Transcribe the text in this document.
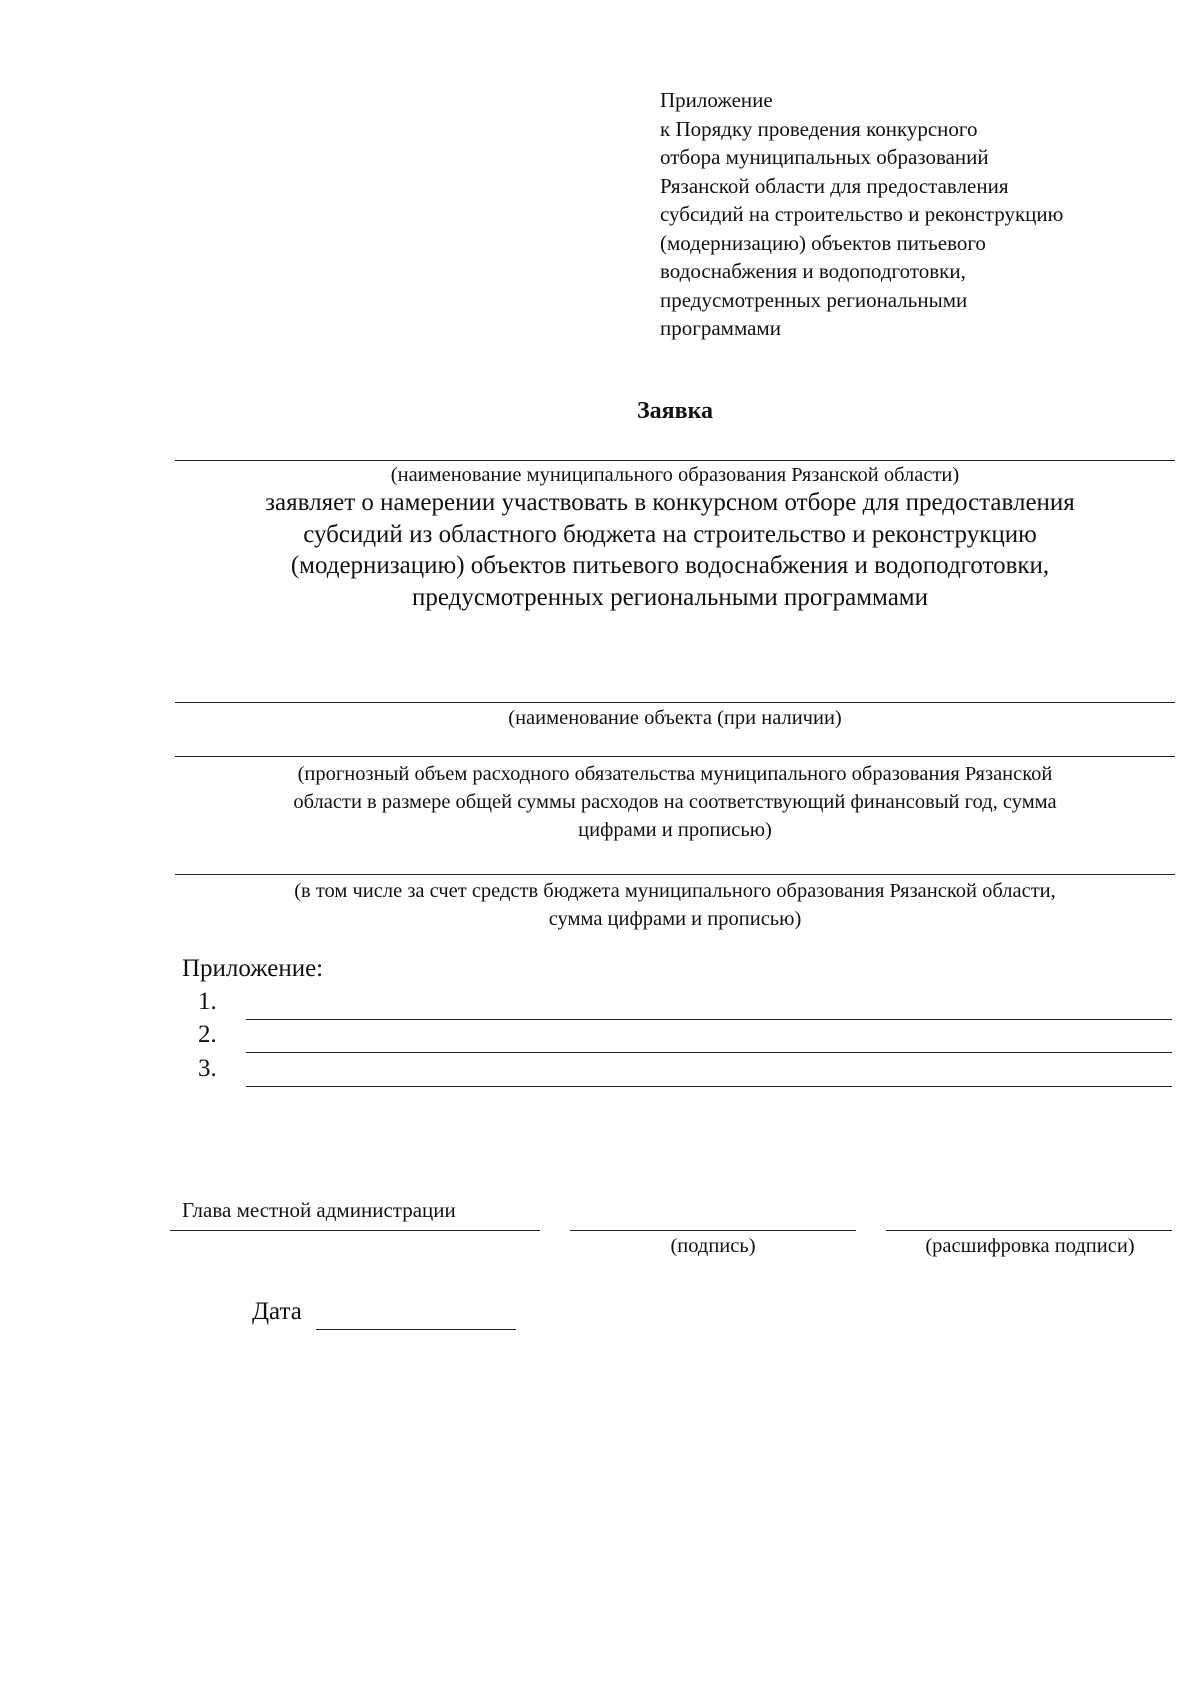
Приложение
к Порядку проведения конкурсного
отбора муниципальных образований
Рязанской области для предоставления
субсидий на строительство и реконструкцию
(модернизацию) объектов питьевого
водоснабжения и водоподготовки,
предусмотренных региональными
программами
Заявка
(наименование муниципального образования Рязанской области)
заявляет о намерении участвовать в конкурсном отборе для предоставления
субсидий из областного бюджета на строительство и реконструкцию
(модернизацию) объектов питьевого водоснабжения и водоподготовки,
предусмотренных региональными программами
(наименование объекта (при наличии)
(прогнозный объем расходного обязательства муниципального образования Рязанской
области в размере общей суммы расходов на соответствующий финансовый год, сумма
цифрами и прописью)
(в том числе за счет средств бюджета муниципального образования Рязанской области,
сумма цифрами и прописью)
Приложение:
1.
2.
3.
Глава местной администрации
(подпись)	(расшифровка подписи)
Дата
